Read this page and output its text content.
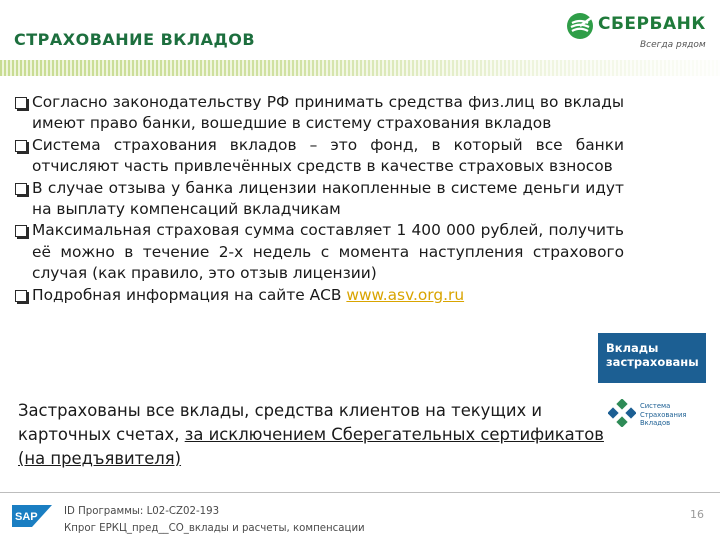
СТРАХОВАНИЕ ВКЛАДОВ
СБЕРБАНК
Всегда рядом
Согласно законодательству РФ принимать средства физ.лиц во вклады имеют право банки, вошедшие в систему страхования вкладов
Система страхования вкладов – это фонд, в который все банки отчисляют часть привлечённых средств в качестве страховых взносов
В случае отзыва у банка лицензии накопленные в системе деньги идут на выплату компенсаций вкладчикам
Максимальная страховая сумма составляет 1 400 000 рублей, получить её можно в течение 2-х недель с момента наступления страхового случая (как правило, это отзыв лицензии)
Подробная информация на сайте АСВ www.asv.org.ru
Вклады застрахованы
Система Страхования Вкладов
Застрахованы все вклады, средства клиентов на текущих и карточных счетах, за исключением Сберегательных сертификатов (на предъявителя)
SAP	ID Программы: L02-CZ02-193
Кпрог ЕРКЦ_пред__СО_вклады и расчеты, компенсации
16
